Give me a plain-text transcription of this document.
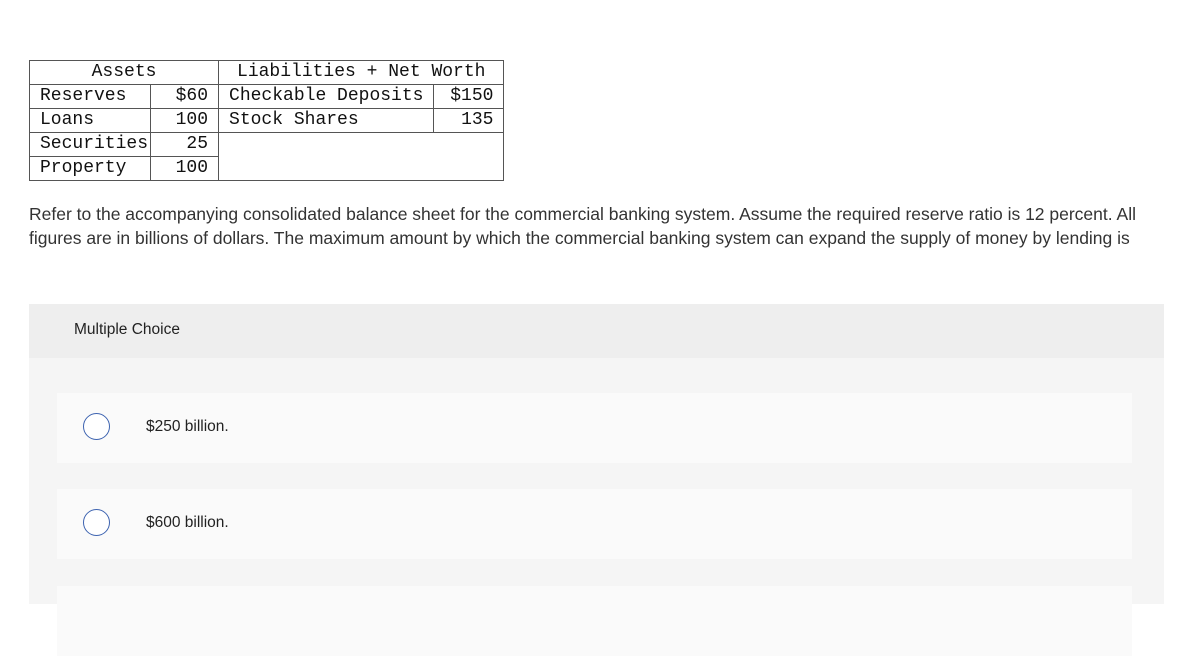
Assets		Liabilities + Net Worth	
Reserves	$60	Checkable Deposits	$150
Loans	100	Stock Shares	135
Securities	25		
Property	100		
Refer to the accompanying consolidated balance sheet for the commercial banking system. Assume the required reserve ratio is 12 percent. All figures are in billions of dollars. The maximum amount by which the commercial banking system can expand the supply of money by lending is
Multiple Choice
$250 billion.
$600 billion.
